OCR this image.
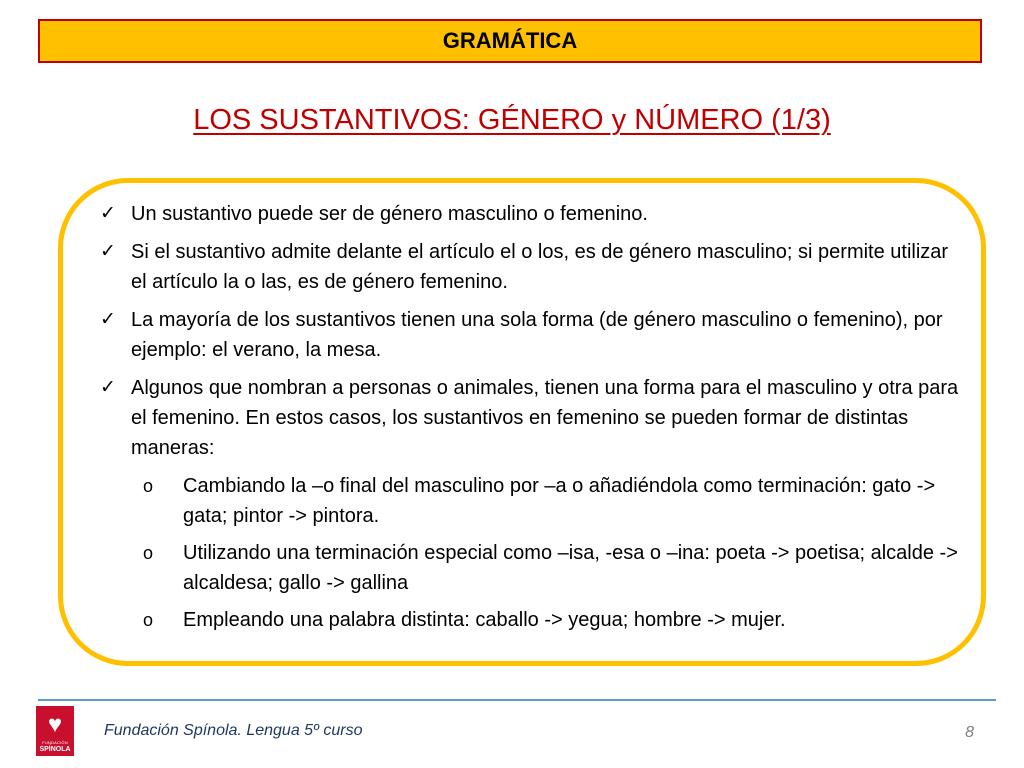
GRAMÁTICA
LOS SUSTANTIVOS: GÉNERO y NÚMERO (1/3)
✓ Un sustantivo puede ser de género masculino o femenino.
✓ Si el sustantivo admite delante el artículo el o los, es de género masculino; si permite utilizar el artículo la o las, es de género femenino.
✓ La mayoría de los sustantivos tienen una sola forma (de género masculino o femenino), por ejemplo: el verano, la mesa.
✓ Algunos que nombran a personas o animales, tienen una forma para el masculino y otra para el femenino. En estos casos, los sustantivos en femenino se pueden formar de distintas maneras:
o	Cambiando la –o final del masculino por –a o añadiéndola como terminación: gato -> gata; pintor -> pintora.
o	Utilizando una terminación especial como –isa, -esa o –ina: poeta -> poetisa; alcalde -> alcaldesa; gallo -> gallina
o	Empleando una palabra distinta: caballo -> yegua; hombre -> mujer.
♥
FUNDACIÓN
SPÍNOLA
Fundación Spínola. Lengua 5º curso	8
